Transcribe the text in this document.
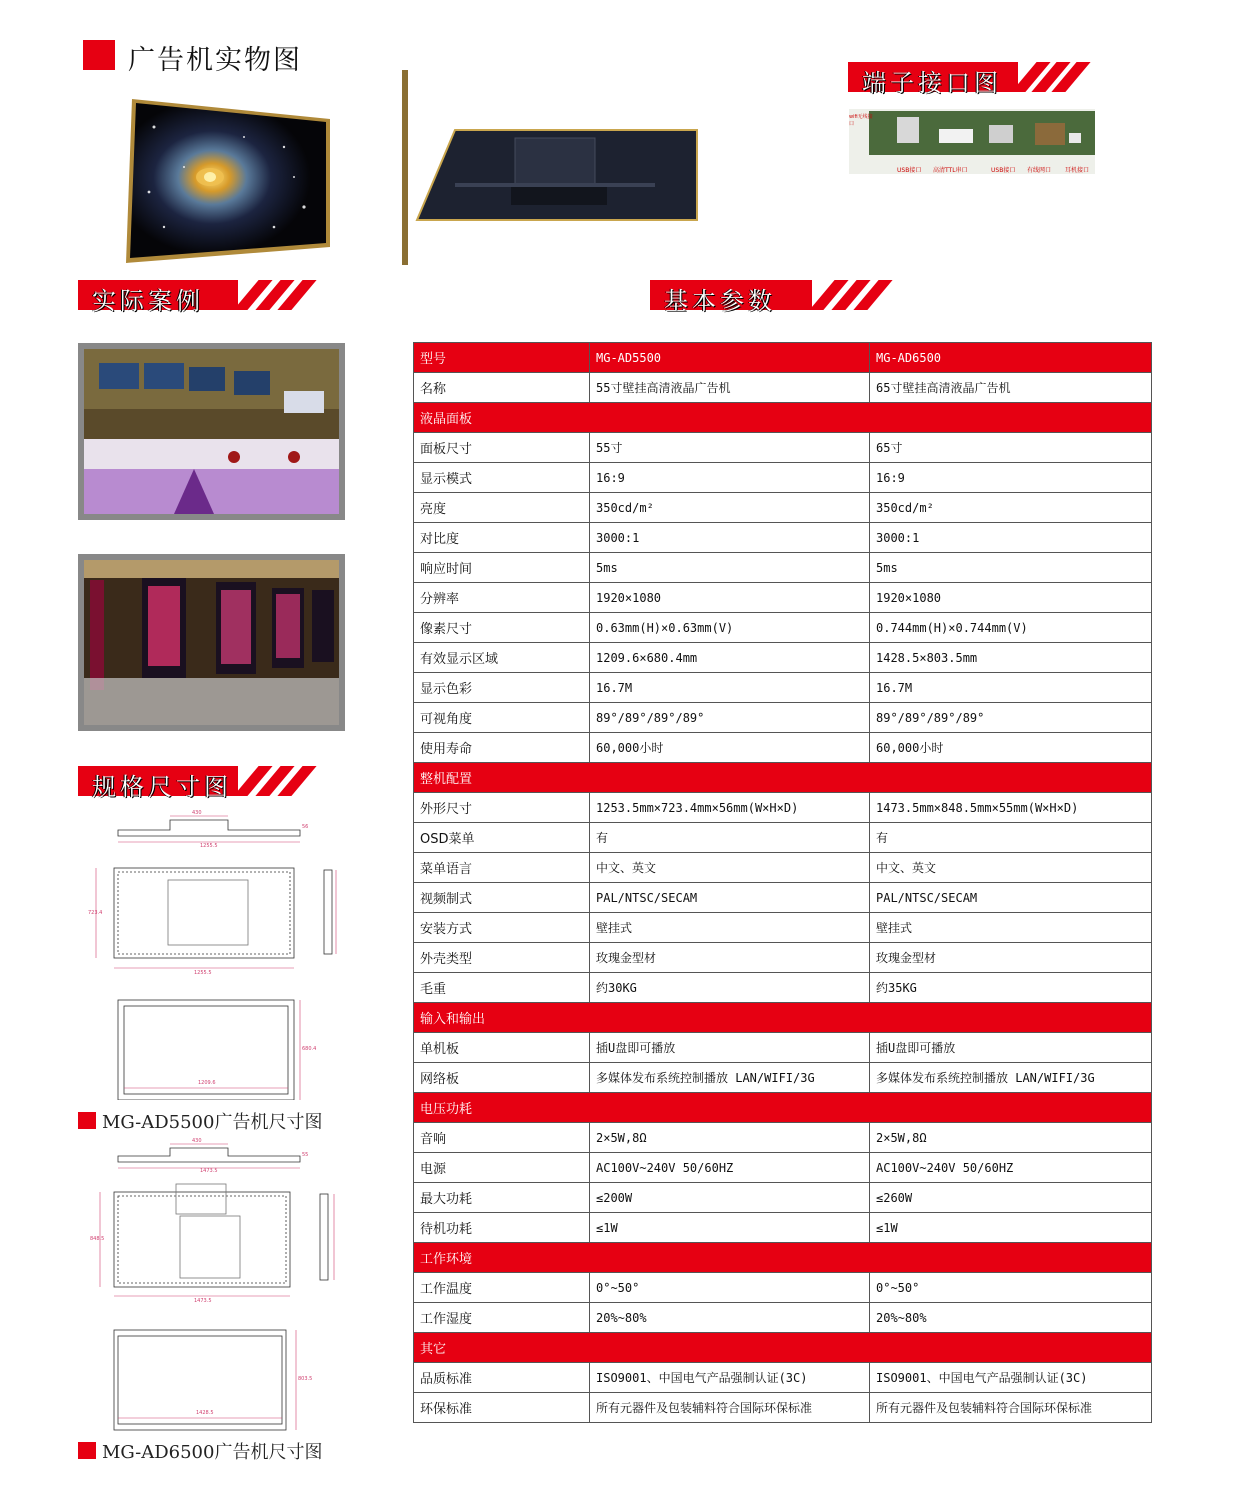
广告机实物图
端子接口图
wifi无线接口
USB接口 高清TTL串口	USB接口 有线网口 耳机接口
实际案例	基本参数
规格尺寸图
430
1255.5
56
1255.5
723.4
1209.6
680.4
MG-AD5500广告机尺寸图
430
1473.5
55
1473.5
848.5
1428.5
803.5
MG-AD6500广告机尺寸图
型号	MG-AD5500	MG-AD6500
名称	55寸壁挂高清液晶广告机	65寸壁挂高清液晶广告机
液晶面板		
面板尺寸	55寸	65寸
显示模式	16:9	16:9
亮度	350cd/m²	350cd/m²
对比度	3000:1	3000:1
响应时间	5ms	5ms
分辨率	1920×1080	1920×1080
像素尺寸	0.63mm(H)×0.63mm(V)	0.744mm(H)×0.744mm(V)
有效显示区域	1209.6×680.4mm	1428.5×803.5mm
显示色彩	16.7M	16.7M
可视角度	89°/89°/89°/89°	89°/89°/89°/89°
使用寿命	60,000小时	60,000小时
整机配置		
外形尺寸	1253.5mm×723.4mm×56mm(W×H×D)	1473.5mm×848.5mm×55mm(W×H×D)
OSD菜单	有	有
菜单语言	中文、英文	中文、英文
视频制式	PAL/NTSC/SECAM	PAL/NTSC/SECAM
安装方式	壁挂式	壁挂式
外壳类型	玫瑰金型材	玫瑰金型材
毛重	约30KG	约35KG
输入和输出		
单机板	插U盘即可播放	插U盘即可播放
网络板	多媒体发布系统控制播放 LAN/WIFI/3G	多媒体发布系统控制播放 LAN/WIFI/3G
电压功耗		
音响	2×5W,8Ω	2×5W,8Ω
电源	AC100V~240V 50/60HZ	AC100V~240V 50/60HZ
最大功耗	≤200W	≤260W
待机功耗	≤1W	≤1W
工作环境		
工作温度	0°~50°	0°~50°
工作湿度	20%~80%	20%~80%
其它		
品质标准	ISO9001、中国电气产品强制认证(3C)	ISO9001、中国电气产品强制认证(3C)
环保标准	所有元器件及包装辅料符合国际环保标准	所有元器件及包装辅料符合国际环保标准
